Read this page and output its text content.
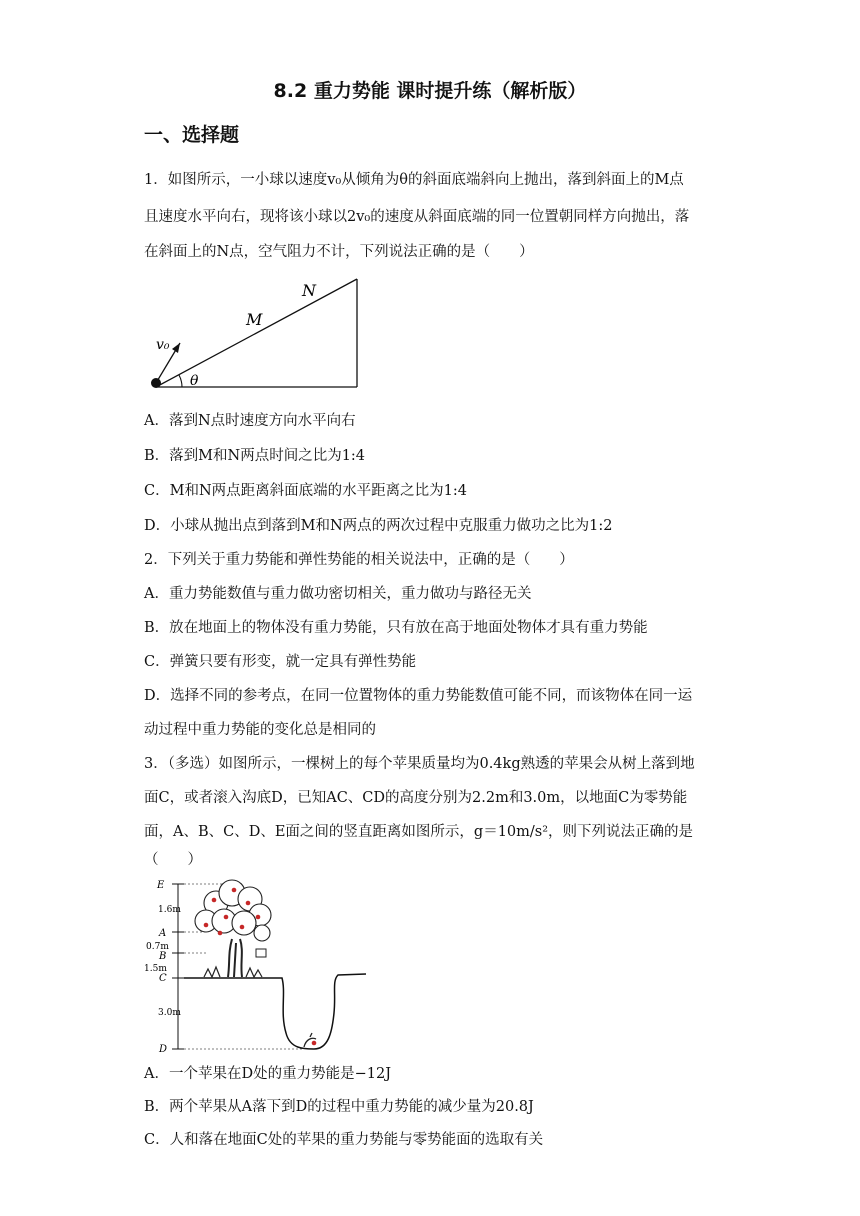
8.2 重力势能 课时提升练（解析版）
一、选择题
1．如图所示，一小球以速度v₀从倾角为θ的斜面底端斜向上抛出，落到斜面上的M点
且速度水平向右，现将该小球以2v₀的速度从斜面底端的同一位置朝同样方向抛出，落
在斜面上的N点，空气阻力不计，下列说法正确的是（　　）
N
M
v₀
θ
A．落到N点时速度方向水平向右
B．落到M和N两点时间之比为1:4
C．M和N两点距离斜面底端的水平距离之比为1:4
D．小球从抛出点到落到M和N两点的两次过程中克服重力做功之比为1:2
2．下列关于重力势能和弹性势能的相关说法中，正确的是（　　）
A．重力势能数值与重力做功密切相关，重力做功与路径无关
B．放在地面上的物体没有重力势能，只有放在高于地面处物体才具有重力势能
C．弹簧只要有形变，就一定具有弹性势能
D．选择不同的参考点，在同一位置物体的重力势能数值可能不同，而该物体在同一运
动过程中重力势能的变化总是相同的
3．（多选）如图所示，一棵树上的每个苹果质量均为0.4kg熟透的苹果会从树上落到地
面C，或者滚入沟底D，已知AC、CD的高度分别为2.2m和3.0m，以地面C为零势能
面，A、B、C、D、E面之间的竖直距离如图所示，g＝10m/s²，则下列说法正确的是
（　　）
E
A
B
C
D
1.6m
0.7m
1.5m
3.0m
A．一个苹果在D处的重力势能是−12J
B．两个苹果从A落下到D的过程中重力势能的减少量为20.8J
C．人和落在地面C处的苹果的重力势能与零势能面的选取有关
